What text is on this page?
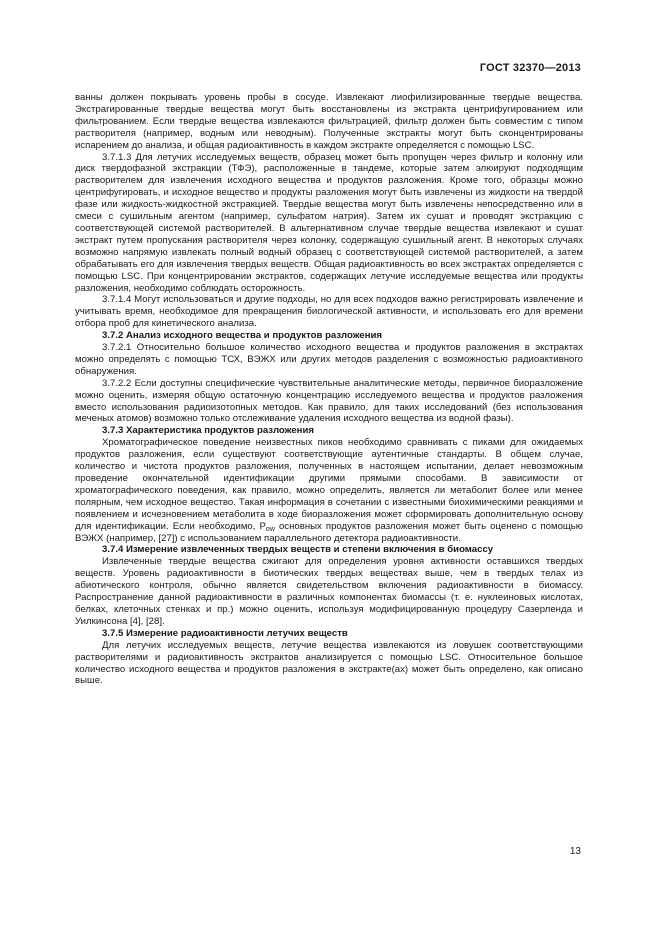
ГОСТ 32370—2013

ванны должен покрывать уровень пробы в сосуде. Извлекают лиофилизированные твердые вещества. Экстрагированные твердые вещества могут быть восстановлены из экстракта центрифугированием или фильтрованием. Если твердые вещества извлекаются фильтрацией, фильтр должен быть совместим с типом растворителя (например, водным или неводным). Полученные экстракты могут быть сконцентрированы испарением до анализа, и общая радиоактивность в каждом экстракте определяется с помощью LSC.

3.7.1.3 Для летучих исследуемых веществ, образец может быть пропущен через фильтр и колонну или диск твердофазной экстракции (ТФЭ), расположенные в тандеме, которые затем элюируют подходящим растворителем для извлечения исходного вещества и продуктов разложения. Кроме того, образцы можно центрифугировать, и исходное вещество и продукты разложения могут быть извлечены из жидкости на твердой фазе или жидкость-жидкостной экстракцией. Твердые вещества могут быть извлечены непосредственно или в смеси с сушильным агентом (например, сульфатом натрия). Затем их сушат и проводят экстракцию с соответствующей системой растворителей. В альтернативном случае твердые вещества извлекают и сушат экстракт путем пропускания растворителя через колонку, содержащую сушильный агент. В некоторых случаях возможно напрямую извлекать полный водный образец с соответствующей системой растворителей, а затем обрабатывать его для извлечения твердых веществ. Общая радиоактивность во всех экстрактах определяется с помощью LSC. При концентрировании экстрактов, содержащих летучие исследуемые вещества или продукты разложения, необходимо соблюдать осторожность.

3.7.1.4 Могут использоваться и другие подходы, но для всех подходов важно регистрировать извлечение и учитывать время, необходимое для прекращения биологической активности, и использовать его для времени отбора проб для кинетического анализа.

3.7.2 Анализ исходного вещества и продуктов разложения

3.7.2.1 Относительно большое количество исходного вещества и продуктов разложения в экстрактах можно определять с помощью ТСХ, ВЭЖХ или других методов разделения с возможностью радиоактивного обнаружения.

3.7.2.2 Если доступны специфические чувствительные аналитические методы, первичное биоразложение можно оценить, измеряя общую остаточную концентрацию исследуемого вещества и продуктов разложения вместо использования радиоизотопных методов. Как правило, для таких исследований (без использования меченых атомов) возможно только отслеживание удаления исходного вещества из водной фазы).

3.7.3 Характеристика продуктов разложения

Хроматографическое поведение неизвестных пиков необходимо сравнивать с пиками для ожидаемых продуктов разложения, если существуют соответствующие аутентичные стандарты. В общем случае, количество и чистота продуктов разложения, полученных в настоящем испытании, делает невозможным проведение окончательной идентификации другими прямыми способами. В зависимости от хроматографического поведения, как правило, можно определить, является ли метаболит более или менее полярным, чем исходное вещество. Такая информация в сочетании с известными биохимическими реакциями и появлением и исчезновением метаболита в ходе биоразложения может сформировать дополнительную основу для идентификации. Если необходимо, $P_{ow}$ основных продуктов разложения может быть оценено с помощью ВЭЖХ (например, [27]) с использованием параллельного детектора радиоактивности.

3.7.4 Измерение извлеченных твердых веществ и степени включения в биомассу

Извлеченные твердые вещества сжигают для определения уровня активности оставшихся твердых веществ. Уровень радиоактивности в биотических твердых веществах выше, чем в твердых телах из абиотического контроля, обычно является свидетельством включения радиоактивности в биомассу. Распространение данной радиоактивности в различных компонентах биомассы (т. е. нуклеиновых кислотах, белках, клеточных стенках и пр.) можно оценить, используя модифицированную процедуру Сазерленда и Уилкинсона [4], [28].

3.7.5 Измерение радиоактивности летучих веществ

Для летучих исследуемых веществ, летучие вещества извлекаются из ловушек соответствующими растворителями и радиоактивность экстрактов анализируется с помощью LSC. Относительное большое количество исходного вещества и продуктов разложения в экстракте(ах) может быть определено, как описано выше.

13
